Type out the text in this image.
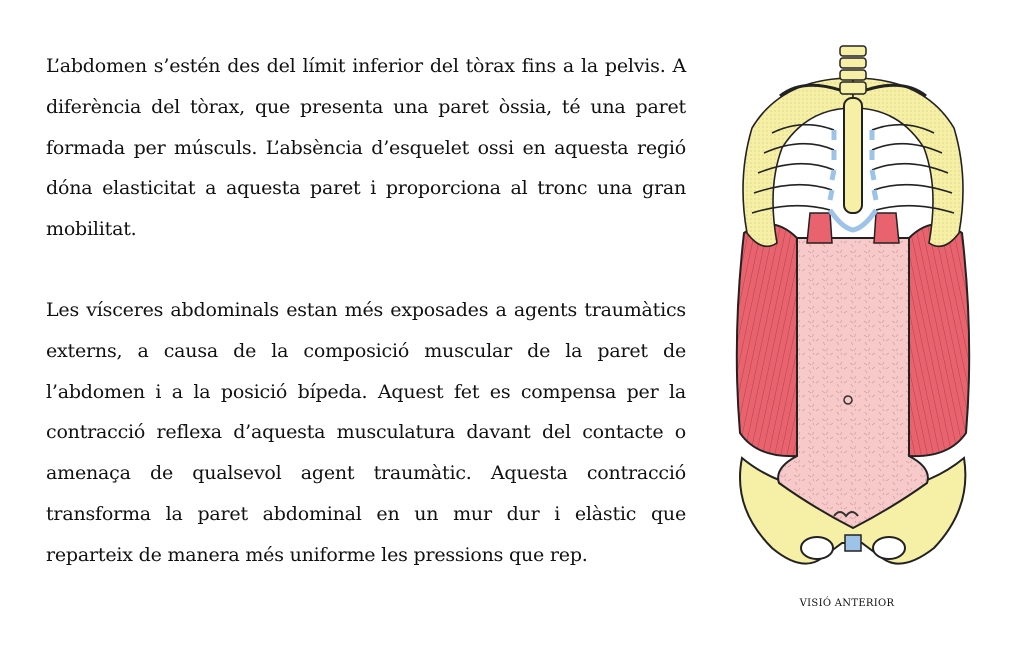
L’abdomen s’estén des del límit inferior del tòrax fins a la pelvis. A diferència del tòrax, que presenta una paret òssia, té una paret formada per músculs. L’absència d’esquelet ossi en aquesta regió dóna elasticitat a aquesta paret i proporciona al tronc una gran mobilitat.

Les vísceres abdominals estan més exposades a agents traumàtics externs, a causa de la composició muscular de la paret de l’abdomen i a la posició bípeda. Aquest fet es compensa per la contracció reflexa d’aquesta musculatura davant del contacte o amenaça de qualsevol agent traumàtic. Aquesta contracció transforma la paret abdominal en un mur dur i elàstic que reparteix de manera més uniforme les pressions que rep.

VISIÓ ANTERIOR
